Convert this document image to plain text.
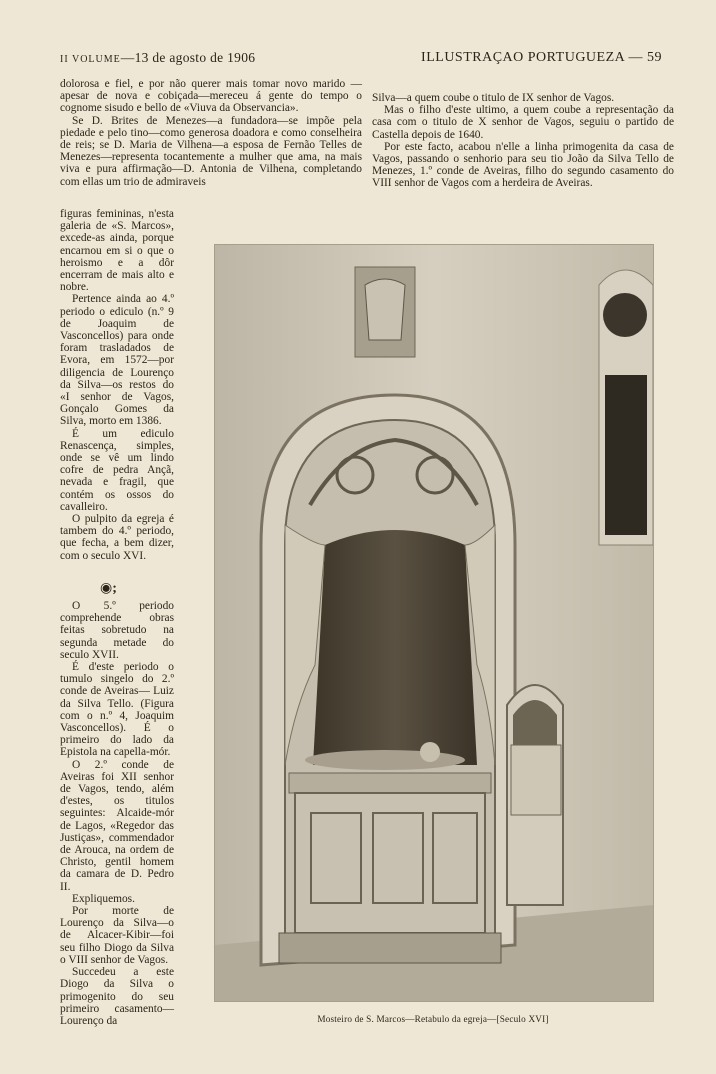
II VOLUME—13 de agosto de 1906	ILLUSTRAÇAO PORTUGUEZA — 59

dolorosa e fiel, e por não querer mais tomar novo marido —apesar de nova e cobiçada—mereceu á gente do tempo o cognome sisudo e bello de «Viuva da Observancia».

Se D. Brites de Menezes—a fundadora—se impõe pela piedade e pelo tino—como generosa doadora e como conselheira de reis; se D. Maria de Vilhena—a esposa de Fernão Telles de Menezes—representa tocantemente a mulher que ama, na mais viva e pura affirmação—D. Antonia de Vilhena, completando com ellas um trio de admiraveis

Silva—a quem coube o titulo de IX senhor de Vagos.

Mas o filho d'este ultimo, a quem coube a representação da casa com o titulo de X senhor de Vagos, seguiu o partido de Castella depois de 1640.

Por este facto, acabou n'elle a linha primogenita da casa de Vagos, passando o senhorio para seu tio João da Silva Tello de Menezes, 1.º conde de Aveiras, filho do segundo casamento do VIII senhor de Vagos com a herdeira de Aveiras.

figuras femininas, n'esta galeria de «S. Marcos», excede-as ainda, porque encarnou em si o que o heroismo e a dôr encerram de mais alto e nobre.

Pertence ainda ao 4.º periodo o ediculo (n.º 9 de Joaquim de Vasconcellos) para onde foram trasladados de Evora, em 1572—por diligencia de Lourenço da Silva—os restos do «I senhor de Vagos, Gonçalo Gomes da Silva, morto em 1386.

É um ediculo Renascença, simples, onde se vê um lindo cofre de pedra Ançã, nevada e fragil, que contém os ossos do cavalleiro.

O pulpito da egreja é tambem do 4.º periodo, que fecha, a bem dizer, com o seculo XVI.

◉;

O 5.º periodo comprehende obras feitas sobretudo na segunda metade do seculo XVII.

É d'este periodo o tumulo singelo do 2.º conde de Aveiras— Luiz da Silva Tello. (Figura com o n.º 4, Joaquim Vasconcellos). É o primeiro do lado da Epistola na capella-mór.

O 2.º conde de Aveiras foi XII senhor de Vagos, tendo, além d'estes, os titulos seguintes: Alcaide-mór de Lagos, «Regedor das Justiças», commendador de Arouca, na ordem de Christo, gentil homem da camara de D. Pedro II.

Expliquemos.

Por morte de Lourenço da Silva—o de Alcacer-Kibir—foi seu filho Diogo da Silva o VIII senhor de Vagos.

Succedeu a este Diogo da Silva o primogenito do seu primeiro casamento—Lourenço da	Mosteiro de S. Marcos—Retabulo da egreja—[Seculo XVI]
